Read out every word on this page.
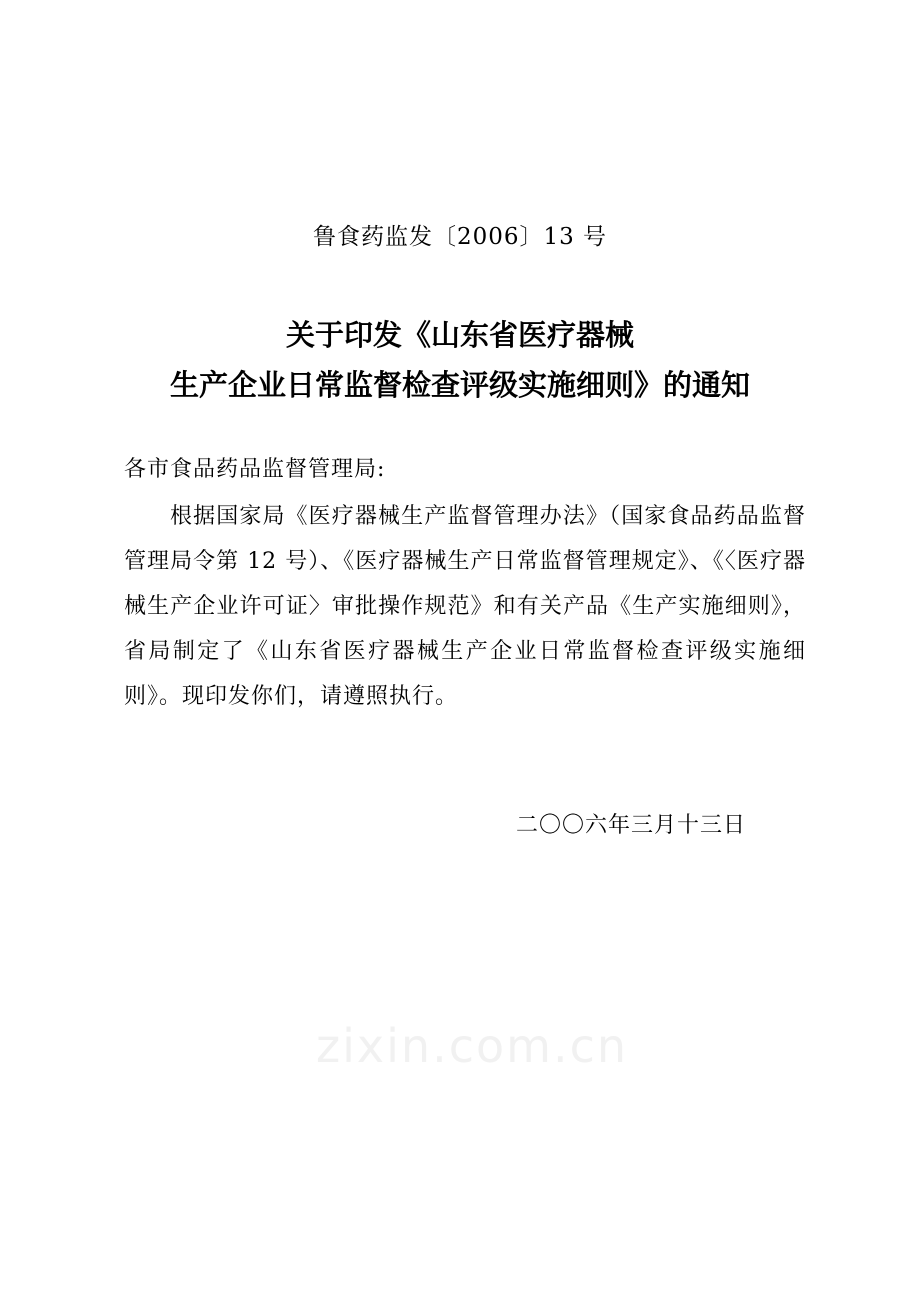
鲁食药监发〔2006〕13 号
关于印发《山东省医疗器械
生产企业日常监督检查评级实施细则》的通知
各市食品药品监督管理局:
根据国家局《医疗器械生产监督管理办法》（国家食品药品监督管理局令第 12 号）、《医疗器械生产日常监督管理规定》、《〈医疗器械生产企业许可证〉审批操作规范》和有关产品《生产实施细则》，省局制定了《山东省医疗器械生产企业日常监督检查评级实施细则》。现印发你们，请遵照执行。
二〇〇六年三月十三日
zixin.com.cn
